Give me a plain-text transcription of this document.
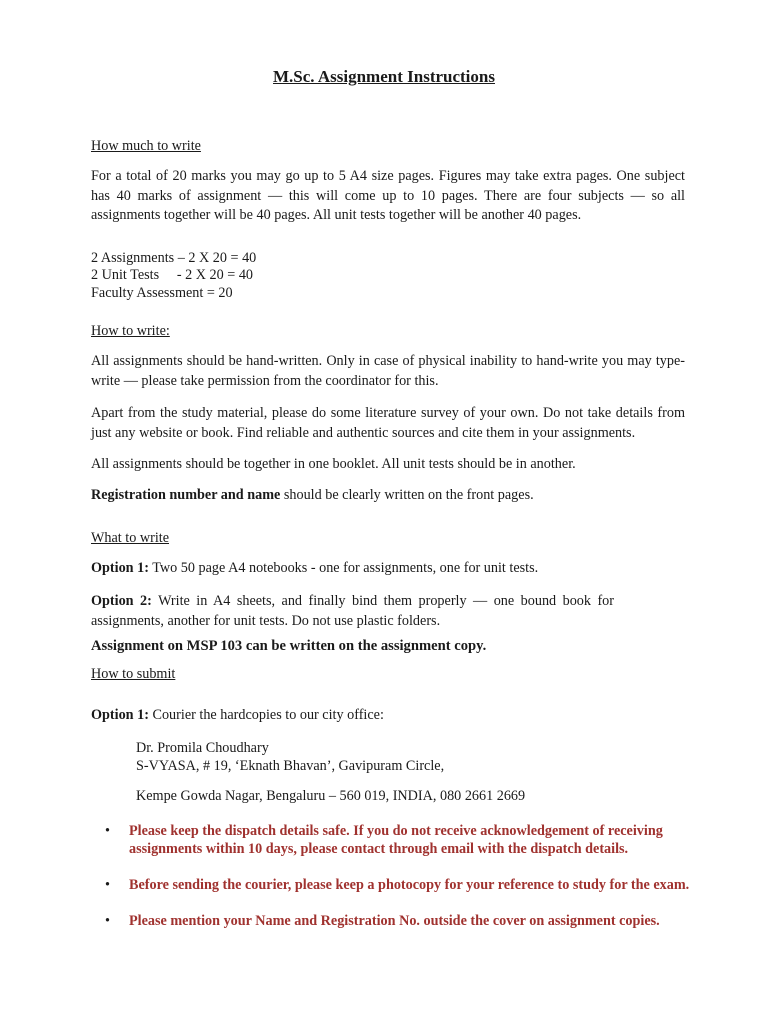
M.Sc. Assignment Instructions

How much to write

For a total of 20 marks you may go up to 5 A4 size pages. Figures may take extra pages. One subject has 40 marks of assignment — this will come up to 10 pages. There are four subjects — so all assignments together will be 40 pages. All unit tests together will be another 40 pages.

2 Assignments – 2 X 20 = 40

2 Unit Tests     - 2 X 20 = 40

Faculty Assessment = 20

How to write:

All assignments should be hand-written. Only in case of physical inability to hand-write you may type-write — please take permission from the coordinator for this.

Apart from the study material, please do some literature survey of your own. Do not take details from just any website or book. Find reliable and authentic sources and cite them in your assignments.

All assignments should be together in one booklet. All unit tests should be in another.

Registration number and name should be clearly written on the front pages.

What to write

Option 1: Two 50 page A4 notebooks - one for assignments, one for unit tests.

Option 2: Write in A4 sheets, and finally bind them properly — one bound book for assignments, another for unit tests. Do not use plastic folders.

Assignment on MSP 103 can be written on the assignment copy.

How to submit

Option 1: Courier the hardcopies to our city office:

Dr. Promila Choudhary

S-VYASA, # 19, ‘Eknath Bhavan’, Gavipuram Circle,

Kempe Gowda Nagar, Bengaluru – 560 019, INDIA, 080 2661 2669

• Please keep the dispatch details safe. If you do not receive acknowledgement of receiving assignments within 10 days, please contact through email with the dispatch details.
• Before sending the courier, please keep a photocopy for your reference to study for the exam.
• Please mention your Name and Registration No. outside the cover on assignment copies.
